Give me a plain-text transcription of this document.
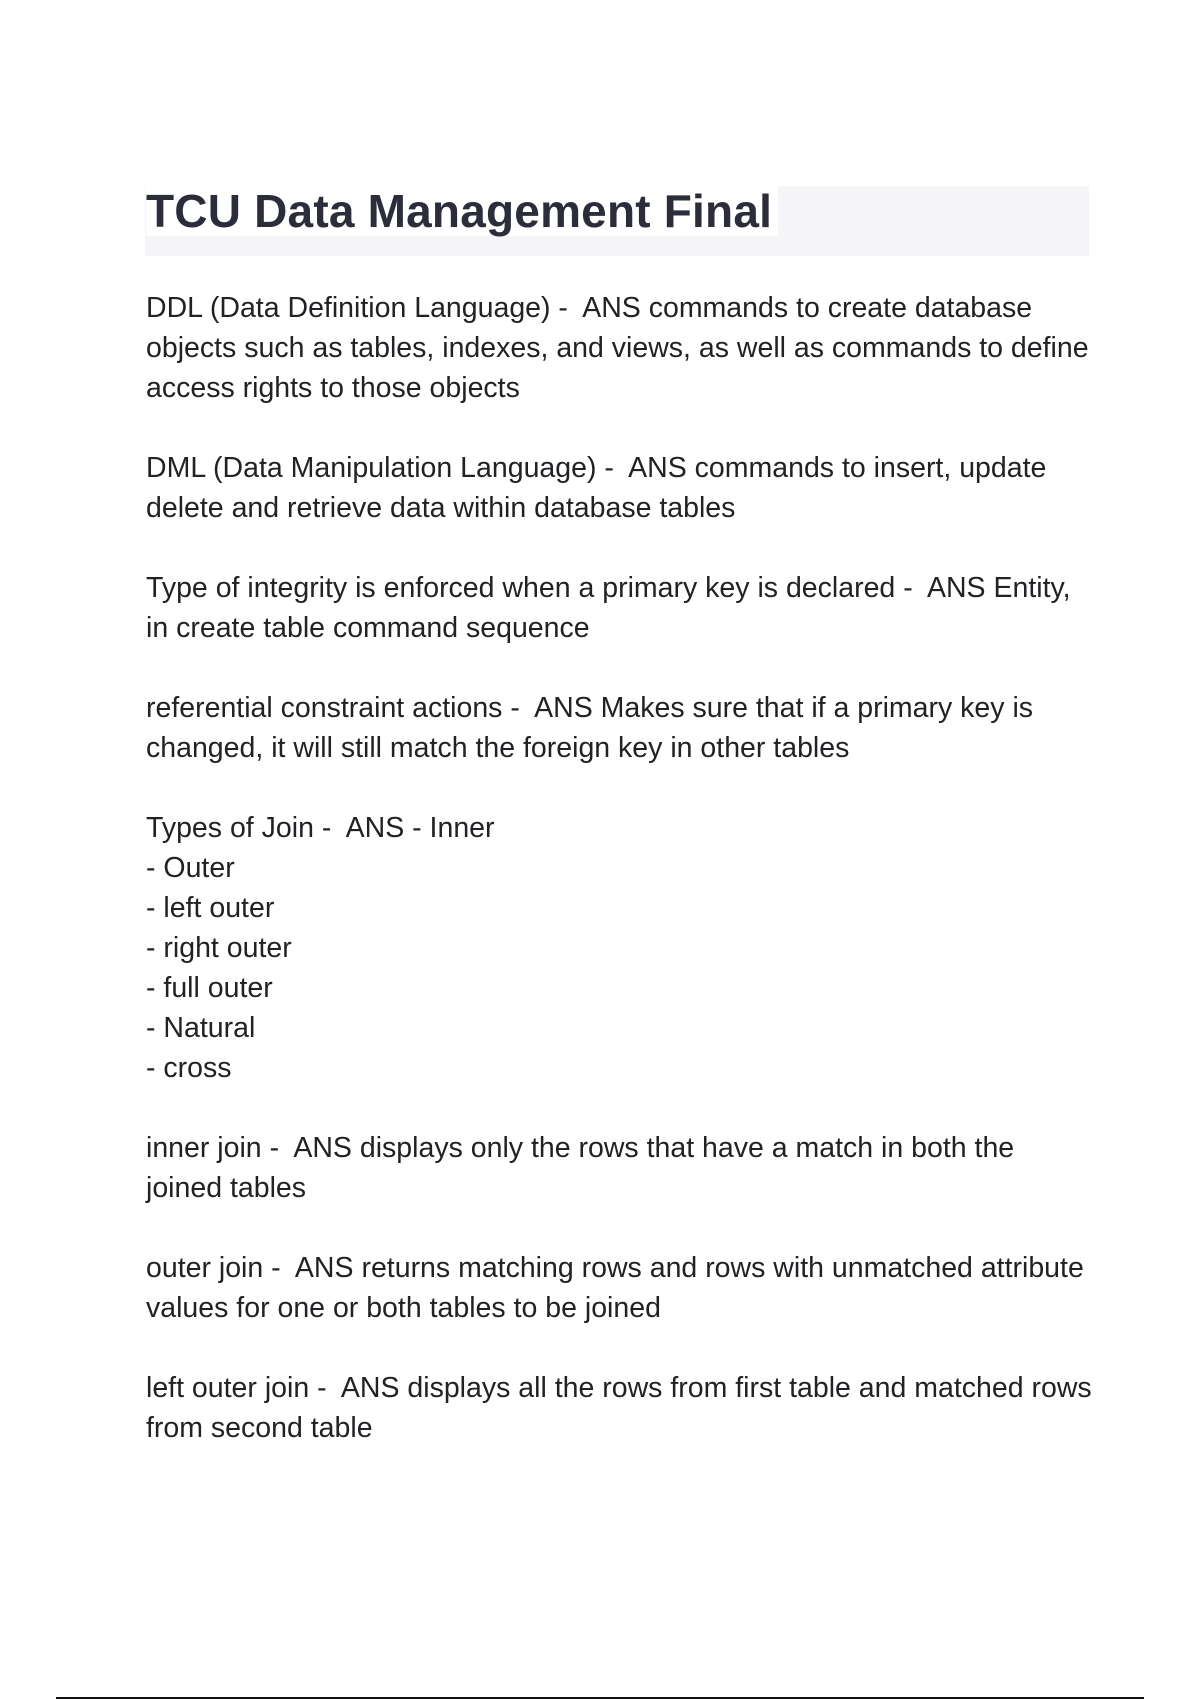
TCU Data Management Final

DDL (Data Definition Language) -  ANS commands to create database objects such as tables, indexes, and views, as well as commands to define access rights to those objects

DML (Data Manipulation Language) -  ANS commands to insert, update delete and retrieve data within database tables

Type of integrity is enforced when a primary key is declared -  ANS Entity, in create table command sequence

referential constraint actions -  ANS Makes sure that if a primary key is changed, it will still match the foreign key in other tables

Types of Join -  ANS - Inner
- Outer
- left outer
- right outer
- full outer
- Natural
- cross

inner join -  ANS displays only the rows that have a match in both the joined tables

outer join -  ANS returns matching rows and rows with unmatched attribute values for one or both tables to be joined

left outer join -  ANS displays all the rows from first table and matched rows from second table
